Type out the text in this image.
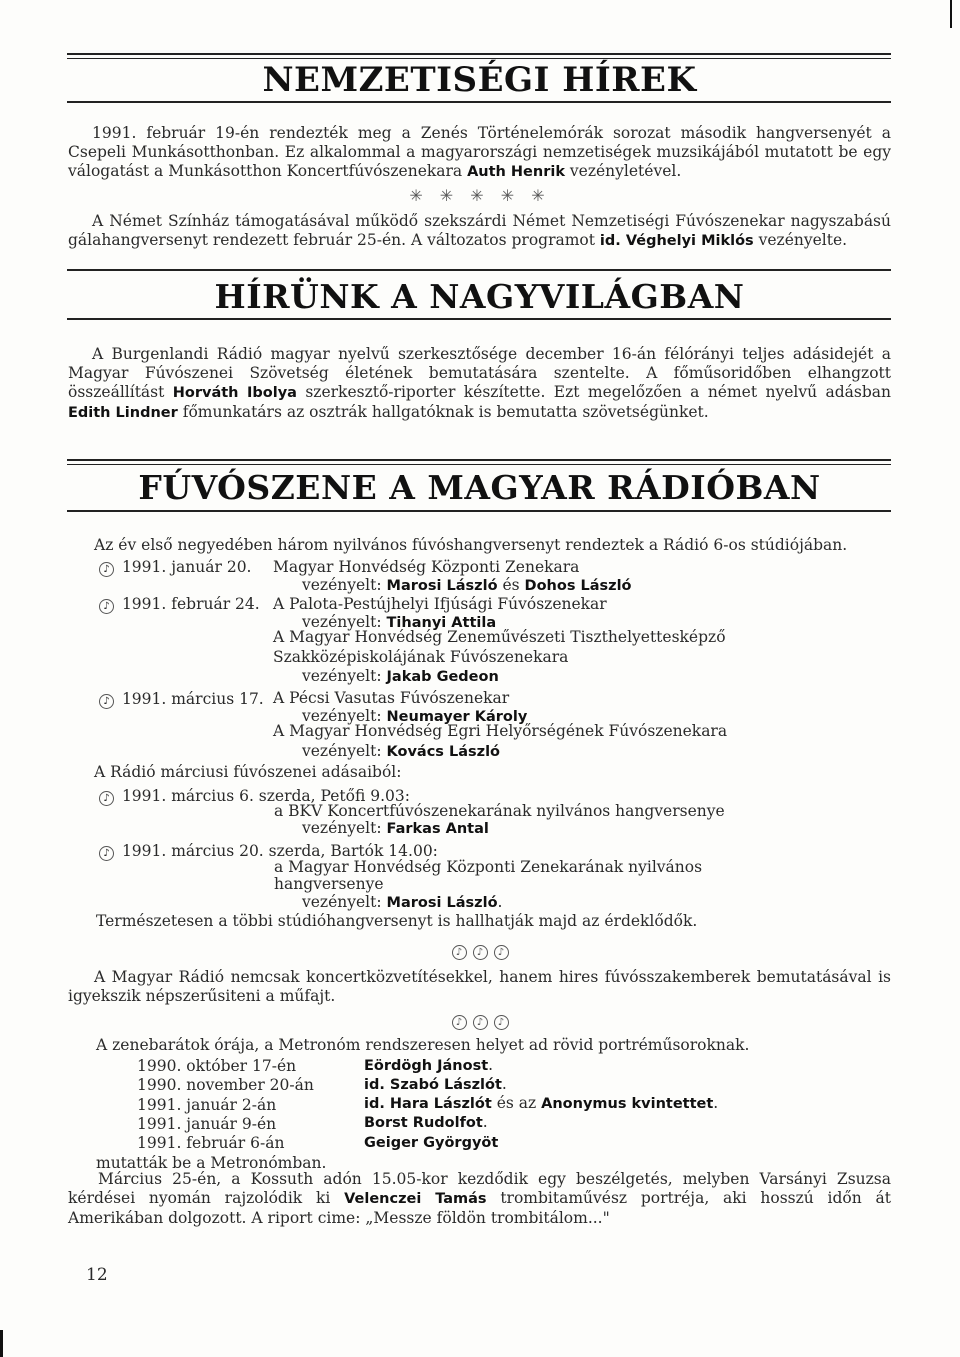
NEMZETISÉGI HÍREK
1991. február 19-én rendezték meg a Zenés Történelemórák sorozat második hangversenyét a Csepeli Munkásotthonban. Ez alkalommal a magyarországi nemzetiségek muzsikájából mutatott be egy válogatást a Munkásotthon Koncertfúvószenekara Auth Henrik vezényletével.
✳ ✳ ✳ ✳ ✳
A Német Színház támogatásával működő szekszárdi Német Nemzetiségi Fúvószenekar nagyszabású gálahangversenyt rendezett február 25-én. A változatos programot id. Véghelyi Miklós vezényelte.
HÍRÜNK A NAGYVILÁGBAN
A Burgenlandi Rádió magyar nyelvű szerkesztősége december 16-án félórányi teljes adásidejét a Magyar Fúvószenei Szövetség életének bemutatására szentelte. A főműsoridőben elhangzott összeállítást Horváth Ibolya szerkesztő-riporter készítette. Ezt megelőzően a német nyelvű adásban Edith Lindner főmunkatárs az osztrák hallgatóknak is bemutatta szövetségünket.
FÚVÓSZENE A MAGYAR RÁDIÓBAN
Az év első negyedében három nyilvános fúvóshangversenyt rendeztek a Rádió 6-os stúdiójában.
♪ 1991. január 20. Magyar Honvédség Központi Zenekara
vezényelt: Marosi László és Dohos László
♪ 1991. február 24. A Palota-Pestújhelyi Ifjúsági Fúvószenekar
vezényelt: Tihanyi Attila
A Magyar Honvédség Zeneművészeti Tiszthelyettesképző
Szakközépiskolájának Fúvószenekara
vezényelt: Jakab Gedeon
♪ 1991. március 17. A Pécsi Vasutas Fúvószenekar
vezényelt: Neumayer Károly
A Magyar Honvédség Egri Helyőrségének Fúvószenekara
vezényelt: Kovács László
A Rádió márciusi fúvószenei adásaiból:
♪ 1991. március 6. szerda, Petőfi 9.03:
a BKV Koncertfúvószenekarának nyilvános hangversenye
vezényelt: Farkas Antal
♪ 1991. március 20. szerda, Bartók 14.00:
a Magyar Honvédség Központi Zenekarának nyilvános
hangversenye
vezényelt: Marosi László.
Természetesen a többi stúdióhangversenyt is hallhatják majd az érdeklődők.
♪ ♪ ♪
A Magyar Rádió nemcsak koncertközvetítésekkel, hanem hires fúvósszakemberek bemutatásával is igyekszik népszerűsiteni a műfajt.
♪ ♪ ♪
A zenebarátok órája, a Metronóm rendszeresen helyet ad rövid portréműsoroknak.
1990. október 17-én	Eördögh Jánost.
1990. november 20-án	id. Szabó Lászlót.
1991. január 2-án	id. Hara Lászlót és az Anonymus kvintettet.
1991. január 9-én	Borst Rudolfot.
1991. február 6-án	Geiger Györgyöt
mutatták be a Metronómban.
Március 25-én, a Kossuth adón 15.05-kor kezdődik egy beszélgetés, melyben Varsányi Zsuzsa kérdései nyomán rajzolódik ki Velenczei Tamás trombitaművész portréja, aki hosszú időn át Amerikában dolgozott. A riport cime: „Messze földön trombitálom..."
12
